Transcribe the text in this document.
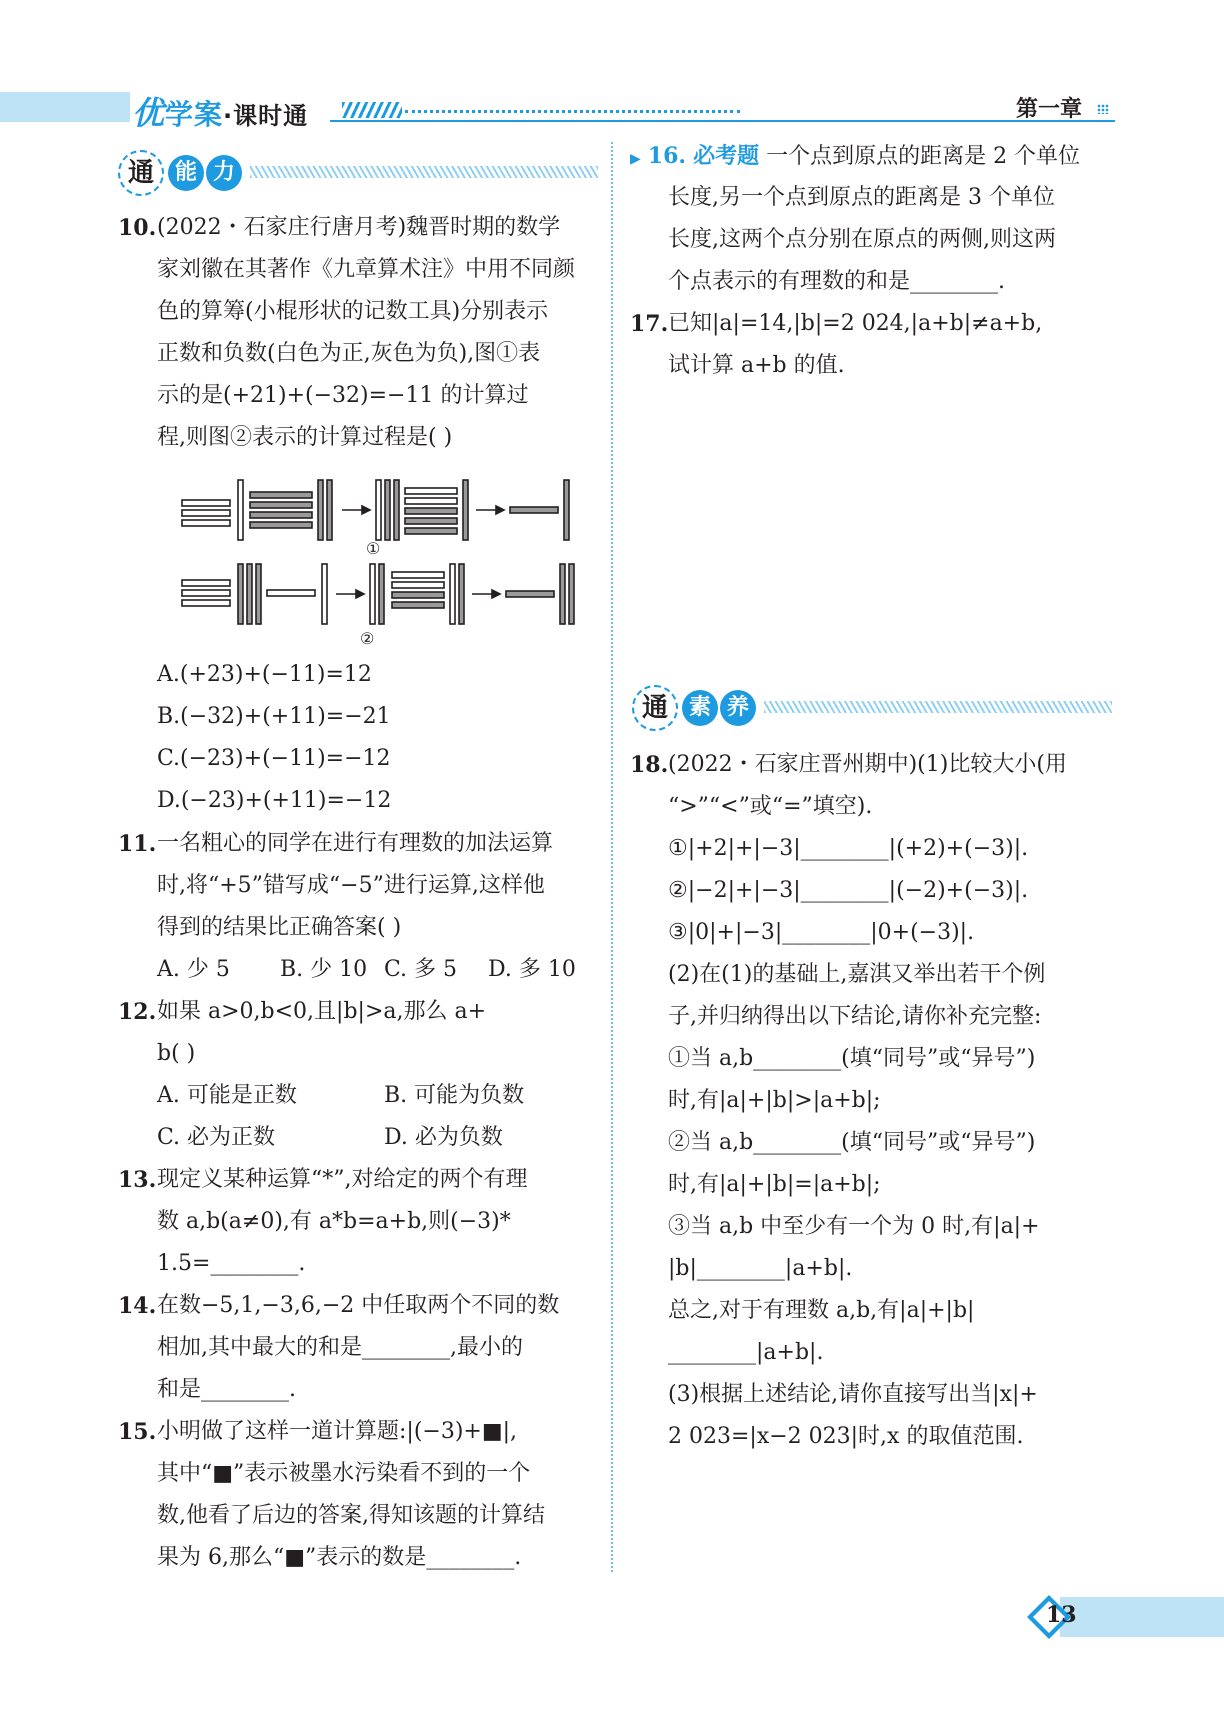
优学案·课时通	第一章
通 能 力
10. (2022・石家庄行唐月考)魏晋时期的数学
家刘徽在其著作《九章算术注》中用不同颜
色的算筹(小棍形状的记数工具)分别表示
正数和负数(白色为正,灰色为负),图①表
示的是(+21)+(−32)=−11 的计算过
程,则图②表示的计算过程是( )
①
②
A.(+23)+(−11)=12
B.(−32)+(+11)=−21
C.(−23)+(−11)=−12
D.(−23)+(+11)=−12
11. 一名粗心的同学在进行有理数的加法运算
时,将“+5”错写成“−5”进行运算,这样他
得到的结果比正确答案( )
A. 少 5 B. 少 10 C. 多 5 D. 多 10
12. 如果 a>0,b<0,且|b|>a,那么 a+
b( )
A. 可能是正数	B. 可能为负数
C. 必为正数	D. 必为负数
13. 现定义某种运算“*”,对给定的两个有理
数 a,b(a≠0),有 a*b=a+b,则(−3)*
1.5=________.
14. 在数−5,1,−3,6,−2 中任取两个不同的数
相加,其中最大的和是________,最小的
和是________.
15. 小明做了这样一道计算题:|(−3)+■|,
其中“■”表示被墨水污染看不到的一个
数,他看了后边的答案,得知该题的计算结
果为 6,那么“■”表示的数是________.
▶ 16. 必考题 一个点到原点的距离是 2 个单位
长度,另一个点到原点的距离是 3 个单位
长度,这两个点分别在原点的两侧,则这两
个点表示的有理数的和是________.
17. 已知|a|=14,|b|=2 024,|a+b|≠a+b,
试计算 a+b 的值.
通 素 养
18. (2022・石家庄晋州期中)(1)比较大小(用
“>”“<”或“=”填空).
①|+2|+|−3|________|(+2)+(−3)|.
②|−2|+|−3|________|(−2)+(−3)|.
③|0|+|−3|________|0+(−3)|.
(2)在(1)的基础上,嘉淇又举出若干个例
子,并归纳得出以下结论,请你补充完整:
①当 a,b________(填“同号”或“异号”)
时,有|a|+|b|>|a+b|;
②当 a,b________(填“同号”或“异号”)
时,有|a|+|b|=|a+b|;
③当 a,b 中至少有一个为 0 时,有|a|+
|b|________|a+b|.
总之,对于有理数 a,b,有|a|+|b|
________|a+b|.
(3)根据上述结论,请你直接写出当|x|+
2 023=|x−2 023|时,x 的取值范围.
13
